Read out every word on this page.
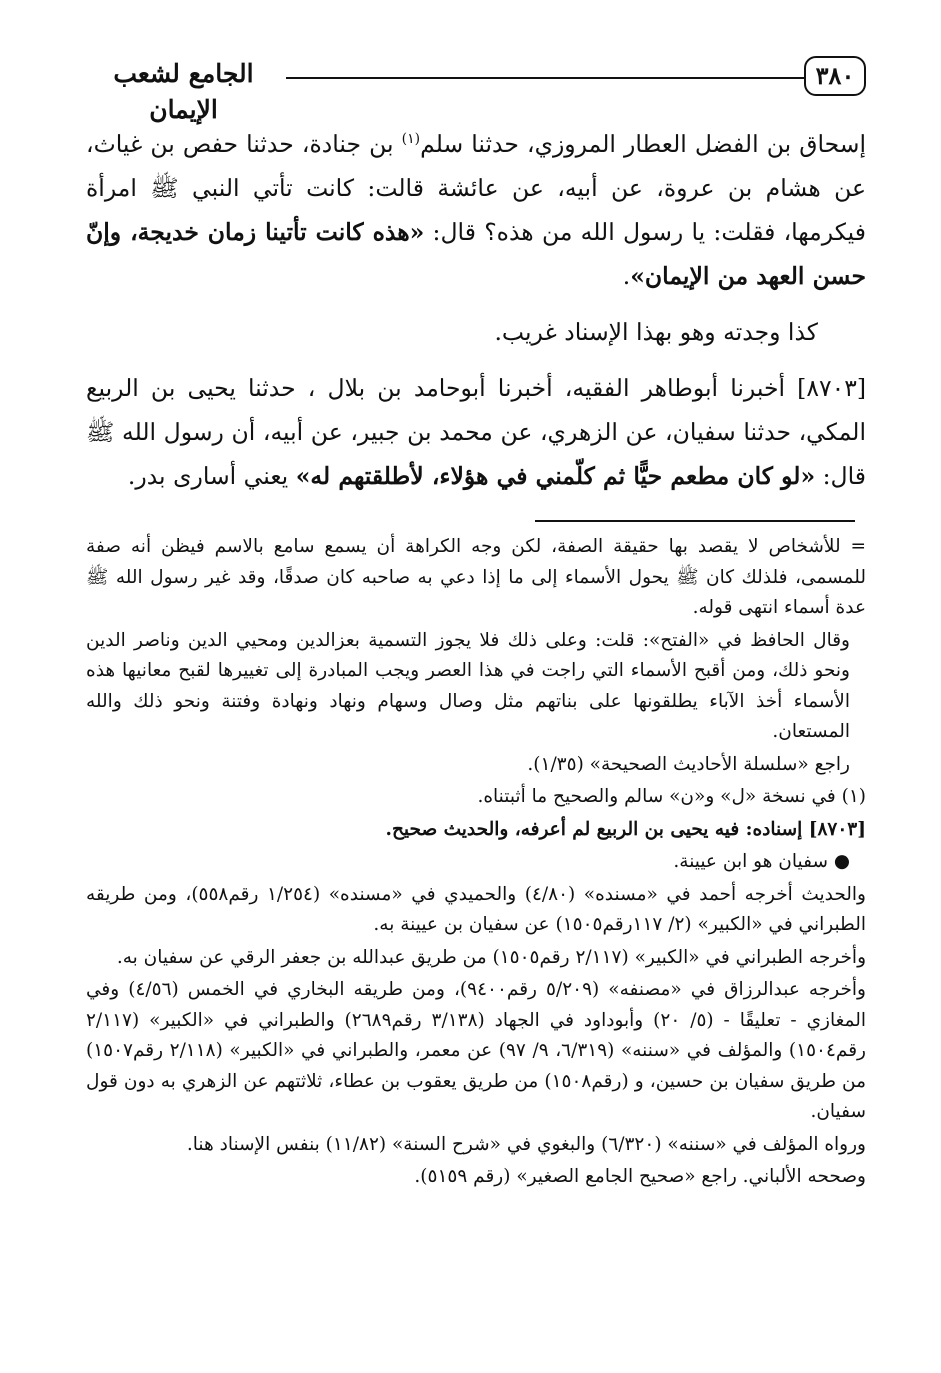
٣٨٠
الجامع لشعب الإيمان

إسحاق بن الفضل العطار المروزي، حدثنا سلم$^{(١)}$ بن جنادة، حدثنا حفص بن غياث، عن هشام بن عروة، عن أبيه، عن عائشة قالت: كانت تأتي النبي ﷺ امرأة فيكرمها، فقلت: يا رسول الله من هذه؟ قال: «هذه كانت تأتينا زمان خديجة، وإنّ حسن العهد من الإيمان».

كذا وجدته وهو بهذا الإسناد غريب.

[٨٧٠٣] أخبرنا أبوطاهر الفقيه، أخبرنا أبوحامد بن بلال ، حدثنا يحيى بن الربيع المكي، حدثنا سفيان، عن الزهري، عن محمد بن جبير، عن أبيه، أن رسول الله ﷺ قال: «لو كان مطعم حيًّا ثم كلّمني في هؤلاء، لأطلقتهم له» يعني أسارى بدر.

= للأشخاص لا يقصد بها حقيقة الصفة، لكن وجه الكراهة أن يسمع سامع بالاسم فيظن أنه صفة للمسمى، فلذلك كان ﷺ يحول الأسماء إلى ما إذا دعي به صاحبه كان صدقًا، وقد غير رسول الله ﷺ عدة أسماء انتهى قوله.

وقال الحافظ في «الفتح»: قلت: وعلى ذلك فلا يجوز التسمية بعزالدين ومحيي الدين وناصر الدين ونحو ذلك، ومن أقبح الأسماء التي راجت في هذا العصر ويجب المبادرة إلى تغييرها لقبح معانيها هذه الأسماء أخذ الآباء يطلقونها على بناتهم مثل وصال وسهام ونهاد ونهادة وفتنة ونحو ذلك والله المستعان.

راجع «سلسلة الأحاديث الصحيحة» (١/٣٥).

(١) في نسخة «ل» و«ن» سالم والصحيح ما أثبتناه.

[٨٧٠٣] إسناده: فيه يحيى بن الربيع لم أعرفه، والحديث صحيح.

● سفيان هو ابن عيينة.

والحديث أخرجه أحمد في «مسنده» (٤/٨٠) والحميدي في «مسنده» (١/٢٥٤ رقم٥٥٨)، ومن طريقه الطبراني في «الكبير» (٢/ ١١٧رقم١٥٠٥) عن سفيان بن عيينة به.

وأخرجه الطبراني في «الكبير» (٢/١١٧ رقم١٥٠٥) من طريق عبدالله بن جعفر الرقي عن سفيان به.

وأخرجه عبدالرزاق في «مصنفه» (٥/٢٠٩ رقم٩٤٠٠)، ومن طريقه البخاري في الخمس (٤/٥٦) وفي المغازي - تعليقًا - (٥/ ٢٠) وأبوداود في الجهاد (٣/١٣٨ رقم٢٦٨٩) والطبراني في «الكبير» (٢/١١٧ رقم١٥٠٤) والمؤلف في «سننه» (٦/٣١٩، ٩/ ٩٧) عن معمر، والطبراني في «الكبير» (٢/١١٨ رقم١٥٠٧) من طريق سفيان بن حسين، و (رقم١٥٠٨) من طريق يعقوب بن عطاء، ثلاثتهم عن الزهري به دون قول سفيان.

ورواه المؤلف في «سننه» (٦/٣٢٠) والبغوي في «شرح السنة» (١١/٨٢) بنفس الإسناد هنا.

وصححه الألباني. راجع «صحيح الجامع الصغير» (رقم ٥١٥٩).
